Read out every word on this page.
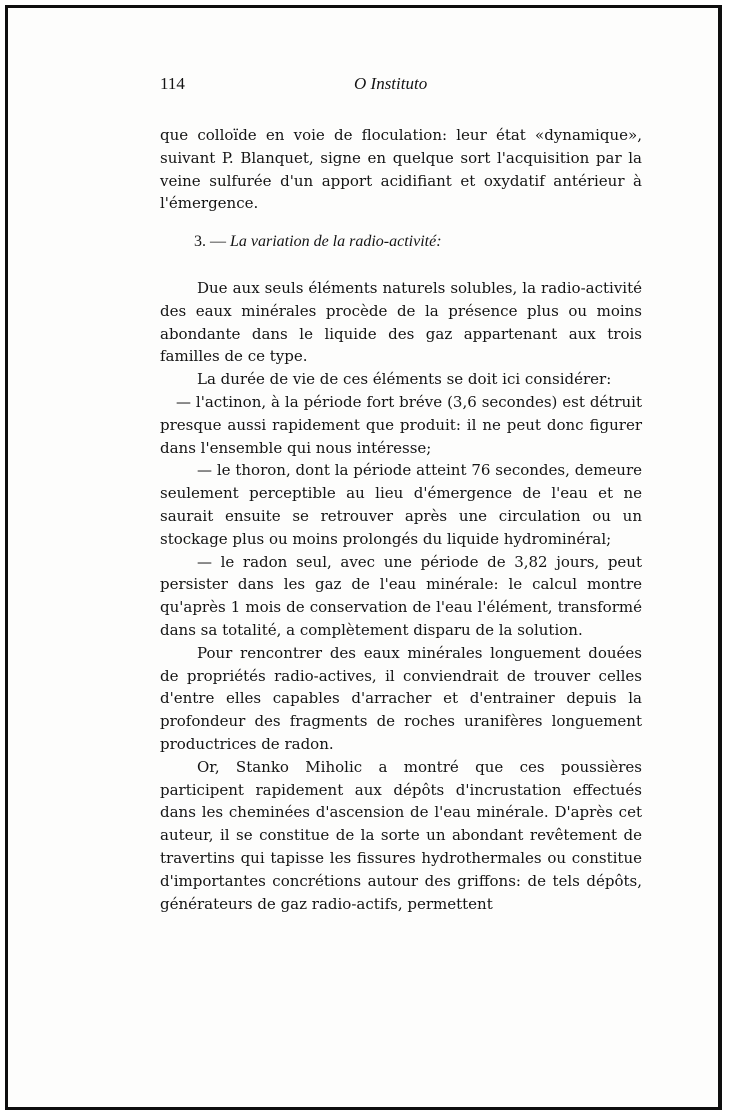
114	O Instituto

que colloïde en voie de floculation: leur état «dynamique», suivant P. Blanquet, signe en quelque sort l'acquisition par la veine sulfurée d'un apport acidifiant et oxydatif antérieur à l'émergence.

3. — La variation de la radio-activité:

Due aux seuls éléments naturels solubles, la radio-activité des eaux minérales procède de la présence plus ou moins abondante dans le liquide des gaz appartenant aux trois familles de ce type.

La durée de vie de ces éléments se doit ici considérer:

— l'actinon, à la période fort bréve (3,6 secondes) est détruit presque aussi rapidement que produit: il ne peut donc figurer dans l'ensemble qui nous intéresse;

— le thoron, dont la période atteint 76 secondes, demeure seulement perceptible au lieu d'émergence de l'eau et ne saurait ensuite se retrouver après une circulation ou un stockage plus ou moins prolongés du liquide hydrominéral;

— le radon seul, avec une période de 3,82 jours, peut persister dans les gaz de l'eau minérale: le calcul montre qu'après 1 mois de conservation de l'eau l'élément, transformé dans sa totalité, a complètement disparu de la solution.

Pour rencontrer des eaux minérales longuement douées de propriétés radio-actives, il conviendrait de trouver celles d'entre elles capables d'arracher et d'entrainer depuis la profondeur des fragments de roches uranifères longuement productrices de radon.

Or, Stanko Miholic a montré que ces poussières participent rapidement aux dépôts d'incrustation effectués dans les cheminées d'ascension de l'eau minérale. D'après cet auteur, il se constitue de la sorte un abondant revêtement de travertins qui tapisse les fissures hydrothermales ou constitue d'importantes concrétions autour des griffons: de tels dépôts, générateurs de gaz radio-actifs, permettent
